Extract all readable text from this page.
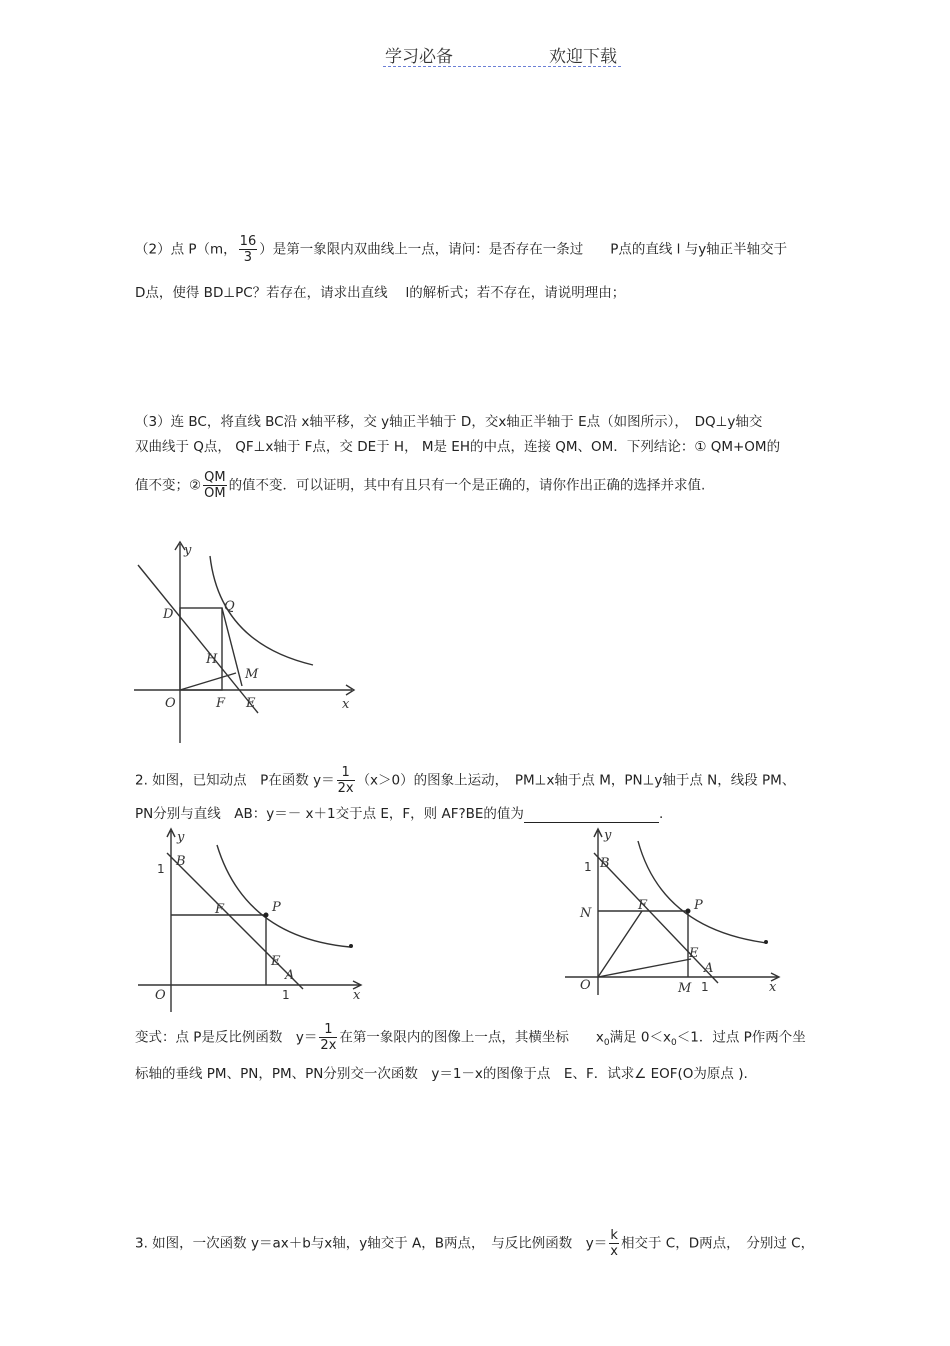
学习必备	欢迎下载
（2）点 P（m， $\frac{16}{3}$ ）是第一象限内双曲线上一点，请问：是否存在一条过　　P点的直线 l 与y轴正半轴交于
D点，使得 BD⊥PC？若存在，请求出直线　 l的解析式；若不存在，请说明理由；
（3）连 BC，将直线 BC沿 x轴平移，交 y轴正半轴于 D，交x轴正半轴于 E点（如图所示），　DQ⊥y轴交
双曲线于 Q点， QF⊥x轴于 F点，交 DE于 H， M是 EH的中点，连接 QM、OM．下列结论：① QM+OM的
值不变；② $\frac{QM}{OM}$ 的值不变．可以证明，其中有且只有一个是正确的，请你作出正确的选择并求值.
y
D
Q
H
M
O	F E	x
2. 如图，已知动点　P在函数 $y= \frac{1}{2x} (x>0)$的图象上运动，　PM⊥x轴于点 M，PN⊥y轴于点 N，线段 PM、
PN分别与直线　AB：y＝－ x＋1交于点 E，F，则 AF?BE的值为	.
y
B
1
F	P
E
A
O	1	x
y
B
1
N
F	P
E
A
O	M 1	x
变式：点 P是反比例函数　$y= \frac{1}{2x}$ 在第一象限内的图像上一点，其横坐标　　$x_0$满足 $0<x_0<1$．过点 P作两个坐
标轴的垂线 PM、PN，PM、PN分别交一次函数　y＝1－x的图像于点　E、F．试求∠ EOF(O为原点 ).
3. 如图，一次函数 y＝ax＋b与x轴，y轴交于 A，B两点，　与反比例函数　$y= \frac{k}{x}$ 相交于 C，D两点，　分别过 C，
